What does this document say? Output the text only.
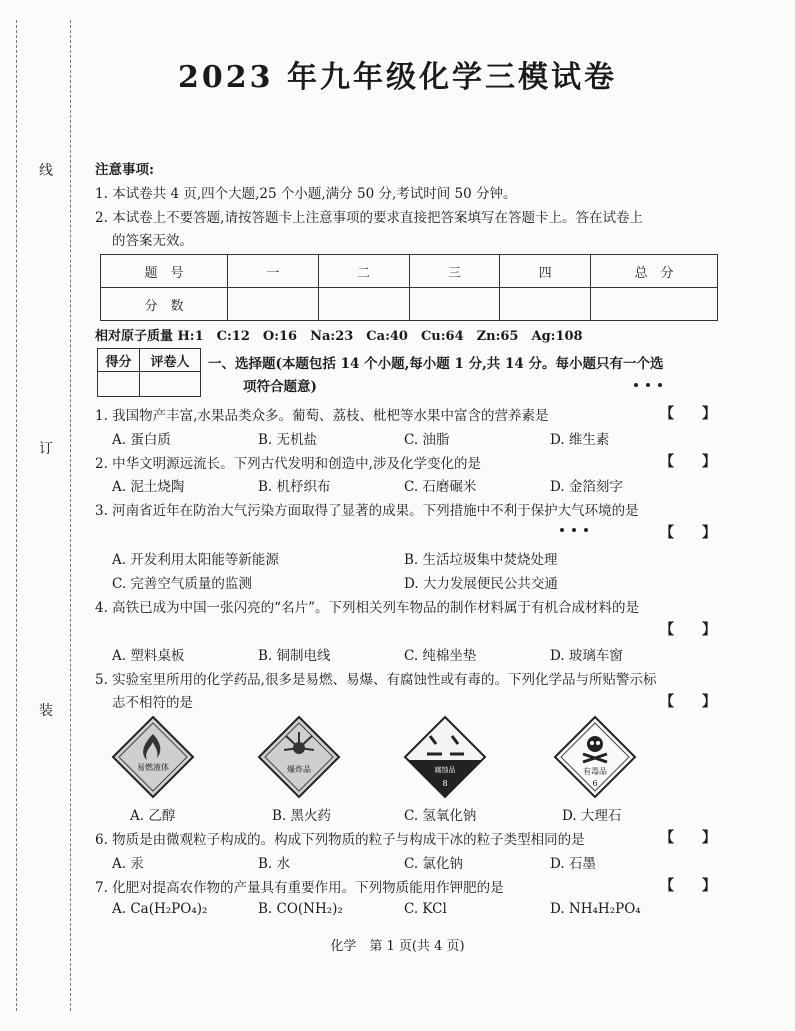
线
订
装
2023 年九年级化学三模试卷
注意事项:
1. 本试卷共 4 页,四个大题,25 个小题,满分 50 分,考试时间 50 分钟。
2. 本试卷上不要答题,请按答题卡上注意事项的要求直接把答案填写在答题卡上。答在试卷上
的答案无效。
题　号	一	二	三	四	总　分
分　数					
相对原子质量 H:1　C:12　O:16　Na:23　Ca:40　Cu:64　Zn:65　Ag:108
得分	评卷人
	一、选择题(本题包括 14 个小题,每小题 1 分,共 14 分。每小题只有一个选
项符合题意)
1. 我国物产丰富,水果品类众多。葡萄、荔枝、枇杷等水果中富含的营养素是	【　　】
A. 蛋白质	B. 无机盐	C. 油脂	D. 维生素
2. 中华文明源远流长。下列古代发明和创造中,涉及化学变化的是	【　　】
A. 泥土烧陶	B. 机杼织布	C. 石磨碾米	D. 金箔刻字
3. 河南省近年在防治大气污染方面取得了显著的成果。下列措施中不利于保护大气环境的是
【　　】
A. 开发利用太阳能等新能源	B. 生活垃圾集中焚烧处理
C. 完善空气质量的监测	D. 大力发展便民公共交通
4. 高铁已成为中国一张闪亮的“名片”。下列相关列车物品的制作材料属于有机合成材料的是
【　　】
A. 塑料桌板	B. 铜制电线	C. 纯棉坐垫	D. 玻璃车窗
5. 实验室里所用的化学药品,很多是易燃、易爆、有腐蚀性或有毒的。下列化学品与所贴警示标
志不相符的是	【　　】
易燃液体	爆炸品	腐蚀品
8
有毒品
6
A. 乙醇	B. 黑火药	C. 氢氧化钠	D. 大理石
6. 物质是由微观粒子构成的。构成下列物质的粒子与构成干冰的粒子类型相同的是	【　　】
A. 汞	B. 水	C. 氯化钠	D. 石墨
7. 化肥对提高农作物的产量具有重要作用。下列物质能用作钾肥的是	【　　】
A. Ca(H₂PO₄)₂	B. CO(NH₂)₂	C. KCl	D. NH₄H₂PO₄
化学　第 1 页(共 4 页)
